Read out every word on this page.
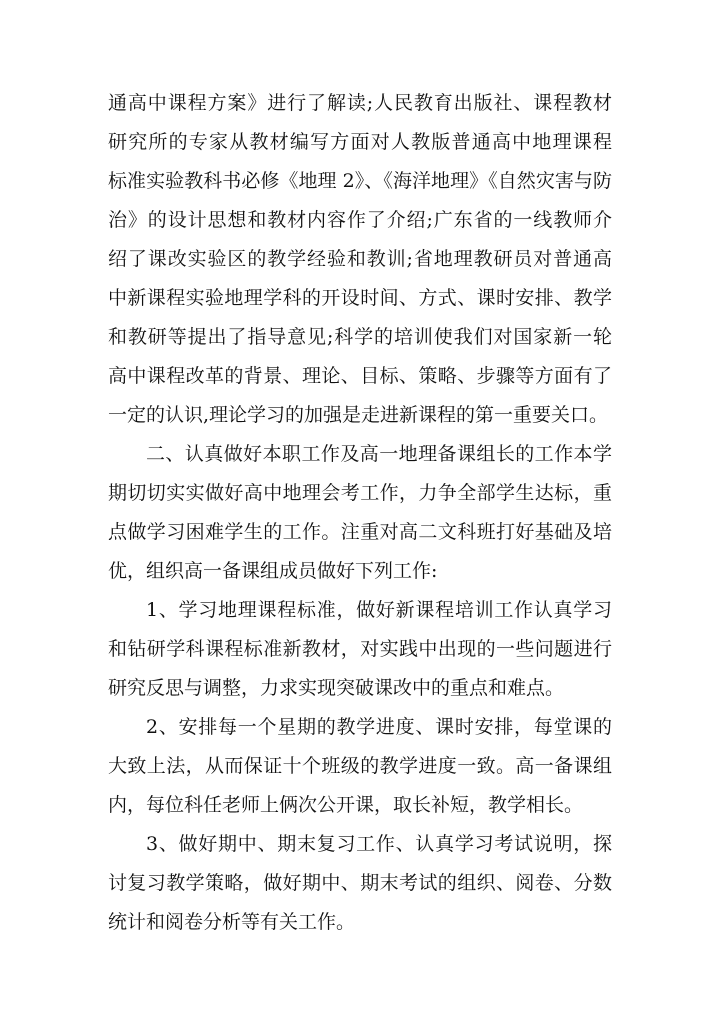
通高中课程方案》进行了解读;人民教育出版社、课程教材
研究所的专家从教材编写方面对人教版普通高中地理课程
标准实验教科书必修《地理 2》、《海洋地理》《自然灾害与防
治》的设计思想和教材内容作了介绍;广东省的一线教师介
绍了课改实验区的教学经验和教训;省地理教研员对普通高
中新课程实验地理学科的开设时间、方式、课时安排、教学
和教研等提出了指导意见;科学的培训使我们对国家新一轮
高中课程改革的背景、理论、目标、策略、步骤等方面有了
一定的认识,理论学习的加强是走进新课程的第一重要关口。
二、认真做好本职工作及高一地理备课组长的工作本学
期切切实实做好高中地理会考工作，力争全部学生达标，重
点做学习困难学生的工作。注重对高二文科班打好基础及培
优，组织高一备课组成员做好下列工作:
1、学习地理课程标准，做好新课程培训工作认真学习
和钻研学科课程标准新教材，对实践中出现的一些问题进行
研究反思与调整，力求实现突破课改中的重点和难点。
2、安排每一个星期的教学进度、课时安排，每堂课的
大致上法，从而保证十个班级的教学进度一致。高一备课组
内，每位科任老师上俩次公开课，取长补短，教学相长。
3、做好期中、期末复习工作、认真学习考试说明，探
讨复习教学策略，做好期中、期末考试的组织、阅卷、分数
统计和阅卷分析等有关工作。
